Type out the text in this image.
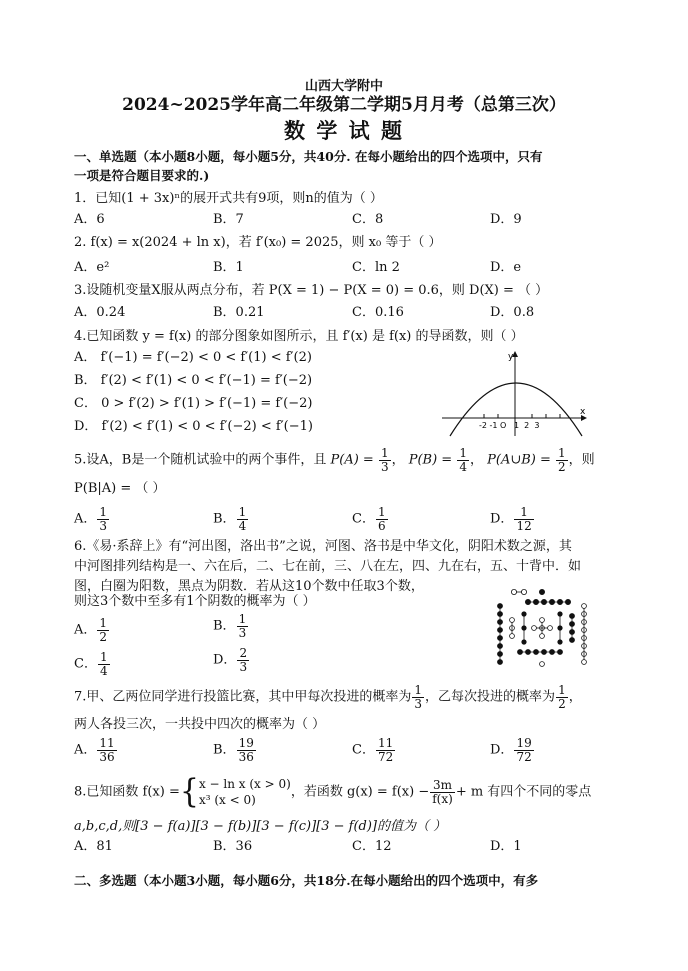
山西大学附中
2024~2025学年高二年级第二学期5月月考（总第三次）
数 学 试 题
一、单选题（本小题8小题，每小题5分，共40分. 在每小题给出的四个选项中，只有
一项是符合题目要求的.)
1．已知(1 + 3x)ⁿ的展开式共有9项，则n的值为（ ）
A．6	B．7	C．8	D．9
2. f(x) = x(2024 + ln x)，若 f′(x₀) = 2025，则 x₀ 等于（ ）
A．e²	B．1	C．ln 2	D．e
3.设随机变量X服从两点分布，若 P(X = 1) − P(X = 0) = 0.6，则 D(X) = （ ）
A．0.24	B．0.21	C．0.16	D．0.8
4.已知函数 y = f(x) 的部分图象如图所示，且 f′(x) 是 f(x) 的导函数，则（ ）
A． f′(−1) = f′(−2) < 0 < f′(1) < f′(2)
B． f′(2) < f′(1) < 0 < f′(−1) = f′(−2)
C． 0 > f′(2) > f′(1) > f′(−1) = f′(−2)
D． f′(2) < f′(1) < 0 < f′(−2) < f′(−1)
y
x
-2 -1 O   1  2  3
5.设A，B是一个随机试验中的两个事件，且 $P(A) = \frac{1}{3}$ ， $P(B) = \frac{1}{4}$ ， P(A∪B) = $\frac{1}{2}$ ，则
P(B|A) = （ ）
A． $\frac{1}{3}$	B． $\frac{1}{4}$	C． $\frac{1}{6}$	D． $\frac{1}{12}$
6.《易·系辞上》有“河出图，洛出书”之说，河图、洛书是中华文化，阴阳术数之源，其
中河图排列结构是一、六在后，二、七在前，三、八在左，四、九在右，五、十背中．如
图，白圈为阳数，黑点为阴数．若从这10个数中任取3个数，
则这3个数中至多有1个阴数的概率为（ ）
A． $\frac{1}{2}$	B． $\frac{1}{3}$
C． $\frac{1}{4}$	D． $\frac{2}{3}$
7.甲、乙两位同学进行投篮比赛，其中甲每次投进的概率为 $\frac{1}{3}$ ，乙每次投进的概率为 $\frac{1}{2}$ ，
两人各投三次，一共投中四次的概率为（ ）
A． $\frac{11}{36}$	B． $\frac{19}{36}$	C． $\frac{11}{72}$	D． $\frac{19}{72}$
8.已知函数 f(x) ={x − ln x (x > 0)
x³ (x < 0)，若函数 $g(x) = f(x) - \frac{3m}{f(x)} + m$ 有四个不同的零点
a,b,c,d,则[3 − f(a)][3 − f(b)][3 − f(c)][3 − f(d)]的值为（ ）
A．81	B．36	C．12	D．1
二、多选题（本小题3小题，每小题6分，共18分.在每小题给出的四个选项中，有多
